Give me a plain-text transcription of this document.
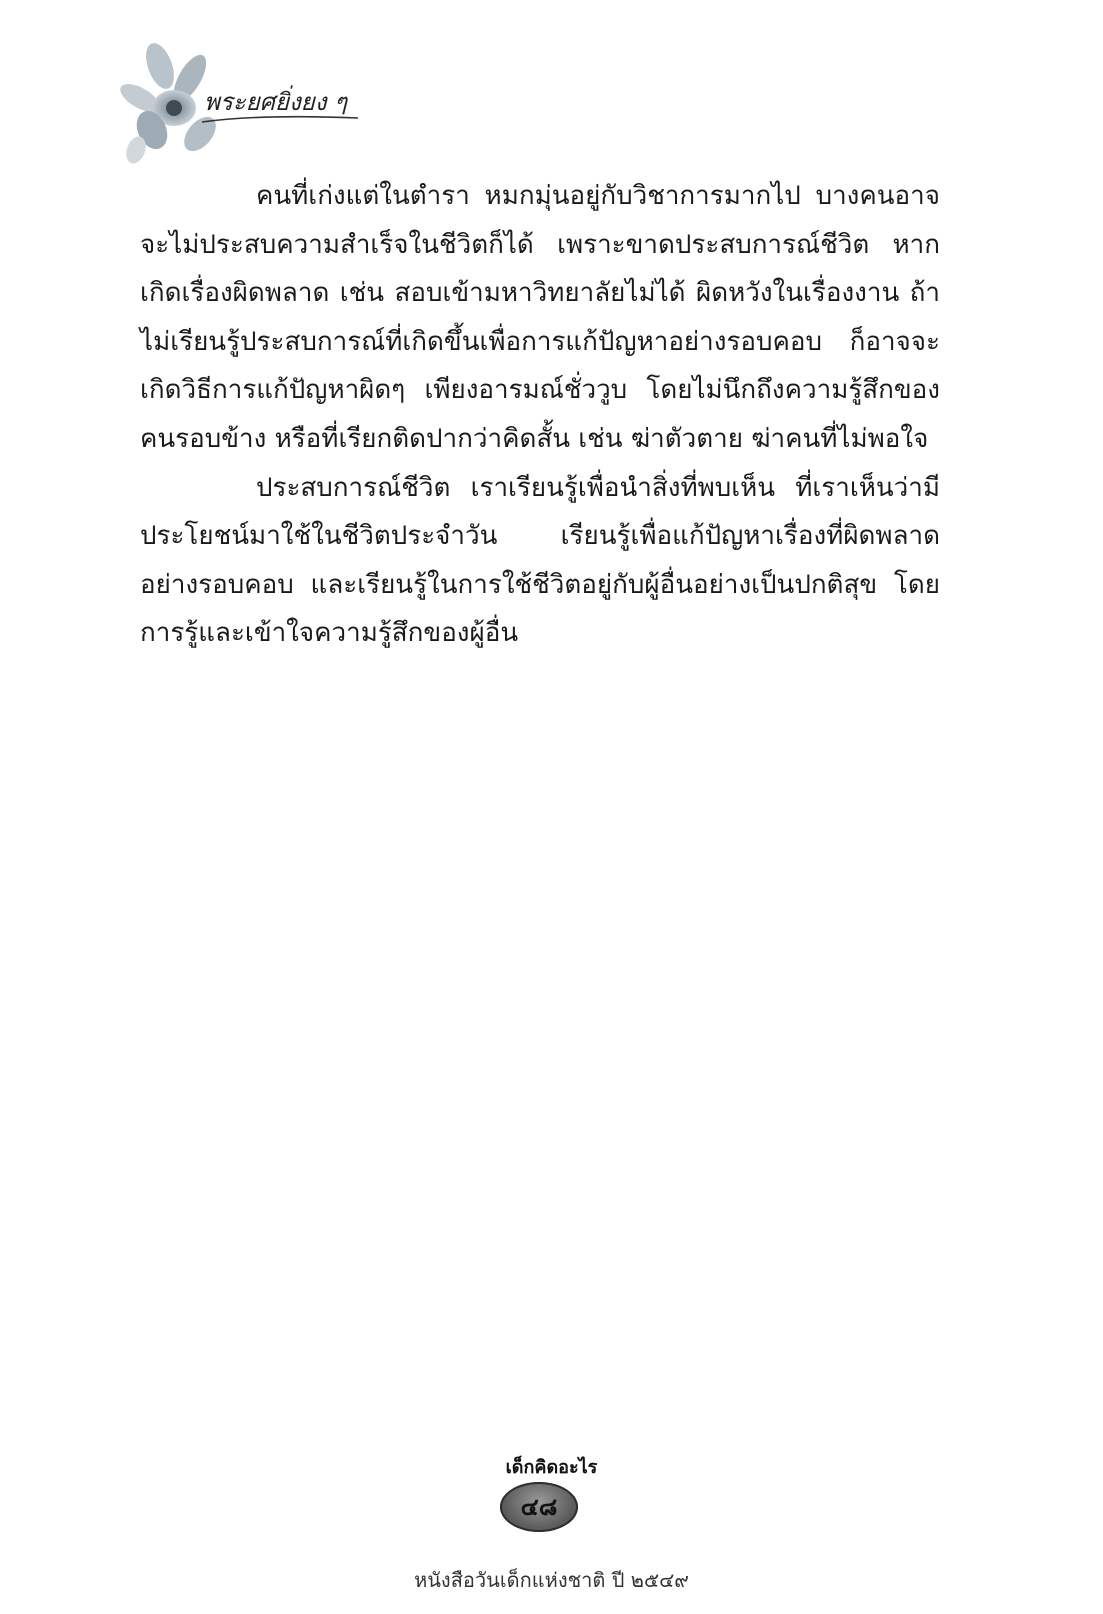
พระยศยิ่งยง ๆ

คนที่เก่งแต่ในตำรา หมกมุ่นอยู่กับวิชาการมากไป บางคนอาจจะไม่ประสบความสำเร็จในชีวิตก็ได้ เพราะขาดประสบการณ์ชีวิต หากเกิดเรื่องผิดพลาด เช่น สอบเข้ามหาวิทยาลัยไม่ได้ ผิดหวังในเรื่องงาน ถ้าไม่เรียนรู้ประสบการณ์ที่เกิดขึ้นเพื่อการแก้ปัญหาอย่างรอบคอบ ก็อาจจะเกิดวิธีการแก้ปัญหาผิดๆ เพียงอารมณ์ชั่ววูบ โดยไม่นึกถึงความรู้สึกของคนรอบข้าง หรือที่เรียกติดปากว่าคิดสั้น เช่น ฆ่าตัวตาย ฆ่าคนที่ไม่พอใจ

ประสบการณ์ชีวิต เราเรียนรู้เพื่อนำสิ่งที่พบเห็น ที่เราเห็นว่ามีประโยชน์มาใช้ในชีวิตประจำวัน เรียนรู้เพื่อแก้ปัญหาเรื่องที่ผิดพลาดอย่างรอบคอบ และเรียนรู้ในการใช้ชีวิตอยู่กับผู้อื่นอย่างเป็นปกติสุข โดยการรู้และเข้าใจความรู้สึกของผู้อื่น

เด็กคิดอะไร
๔๘
หนังสือวันเด็กแห่งชาติ ปี ๒๕๔๙
